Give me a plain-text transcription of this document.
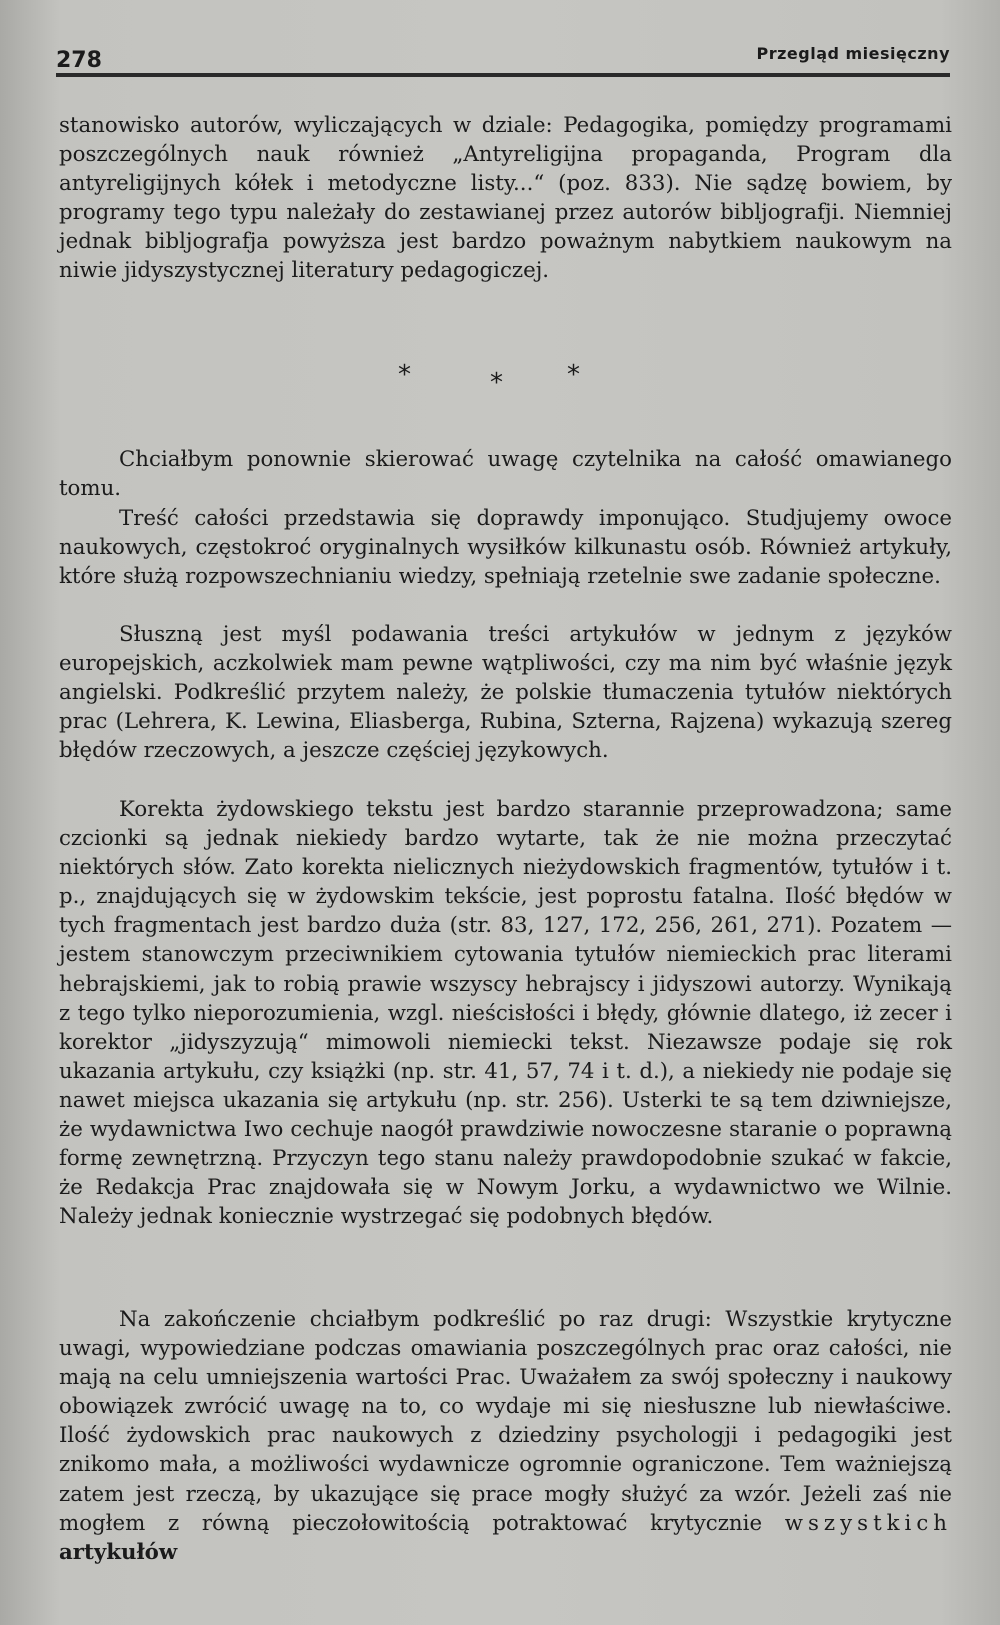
278	Przegląd miesięczny

stanowisko autorów, wyliczających w dziale: Pedagogika, pomiędzy programami poszczególnych nauk również „Antyreligijna propaganda, Program dla antyreligijnych kółek i metodyczne listy...“ (poz. 833). Nie sądzę bowiem, by programy tego typu należały do zestawianej przez autorów bibljografji. Niemniej jednak bibljografja powyższa jest bardzo poważnym nabytkiem naukowym na niwie jidyszystycznej literatury pedagogiczej.

*	* *

Chciałbym ponownie skierować uwagę czytelnika na całość omawianego tomu.

Treść całości przedstawia się doprawdy imponująco. Studjujemy owoce naukowych, częstokroć oryginalnych wysiłków kilkunastu osób. Również artykuły, które służą rozpowszechnianiu wiedzy, spełniają rzetelnie swe zadanie społeczne.

Słuszną jest myśl podawania treści artykułów w jednym z języków europejskich, aczkolwiek mam pewne wątpliwości, czy ma nim być właśnie język angielski. Podkreślić przytem należy, że polskie tłumaczenia tytułów niektórych prac (Lehrera, K. Lewina, Eliasberga, Rubina, Szterna, Rajzena) wykazują szereg błędów rzeczowych, a jeszcze częściej językowych.

Korekta żydowskiego tekstu jest bardzo starannie przeprowadzona; same czcionki są jednak niekiedy bardzo wytarte, tak że nie można przeczytać niektórych słów. Zato korekta nielicznych nieżydowskich fragmentów, tytułów i t. p., znajdujących się w żydowskim tekście, jest poprostu fatalna. Ilość błędów w tych fragmentach jest bardzo duża (str. 83, 127, 172, 256, 261, 271). Pozatem — jestem stanowczym przeciwnikiem cytowania tytułów niemieckich prac literami hebrajskiemi, jak to robią prawie wszyscy hebrajscy i jidyszowi autorzy. Wynikają z tego tylko nieporozumienia, wzgl. nieścisłości i błędy, głównie dlatego, iż zecer i korektor „jidyszyzują“ mimowoli niemiecki tekst. Niezawsze podaje się rok ukazania artykułu, czy książki (np. str. 41, 57, 74 i t. d.), a niekiedy nie podaje się nawet miejsca ukazania się artykułu (np. str. 256). Usterki te są tem dziwniejsze, że wydawnictwa Iwo cechuje naogół prawdziwie nowoczesne staranie o poprawną formę zewnętrzną. Przyczyn tego stanu należy prawdopodobnie szukać w fakcie, że Redakcja Prac znajdowała się w Nowym Jorku, a wydawnictwo we Wilnie. Należy jednak koniecznie wystrzegać się podobnych błędów.

Na zakończenie chciałbym podkreślić po raz drugi: Wszystkie krytyczne uwagi, wypowiedziane podczas omawiania poszczególnych prac oraz całości, nie mają na celu umniejszenia wartości Prac. Uważałem za swój społeczny i naukowy obowiązek zwrócić uwagę na to, co wydaje mi się niesłuszne lub niewłaściwe. Ilość żydowskich prac naukowych z dziedziny psychologji i pedagogiki jest znikomo mała, a możliwości wydawnicze ogromnie ograniczone. Tem ważniejszą zatem jest rzeczą, by ukazujące się prace mogły służyć za wzór. Jeżeli zaś nie mogłem z równą pieczołowitością potraktować krytycznie wszystkich artykułów
